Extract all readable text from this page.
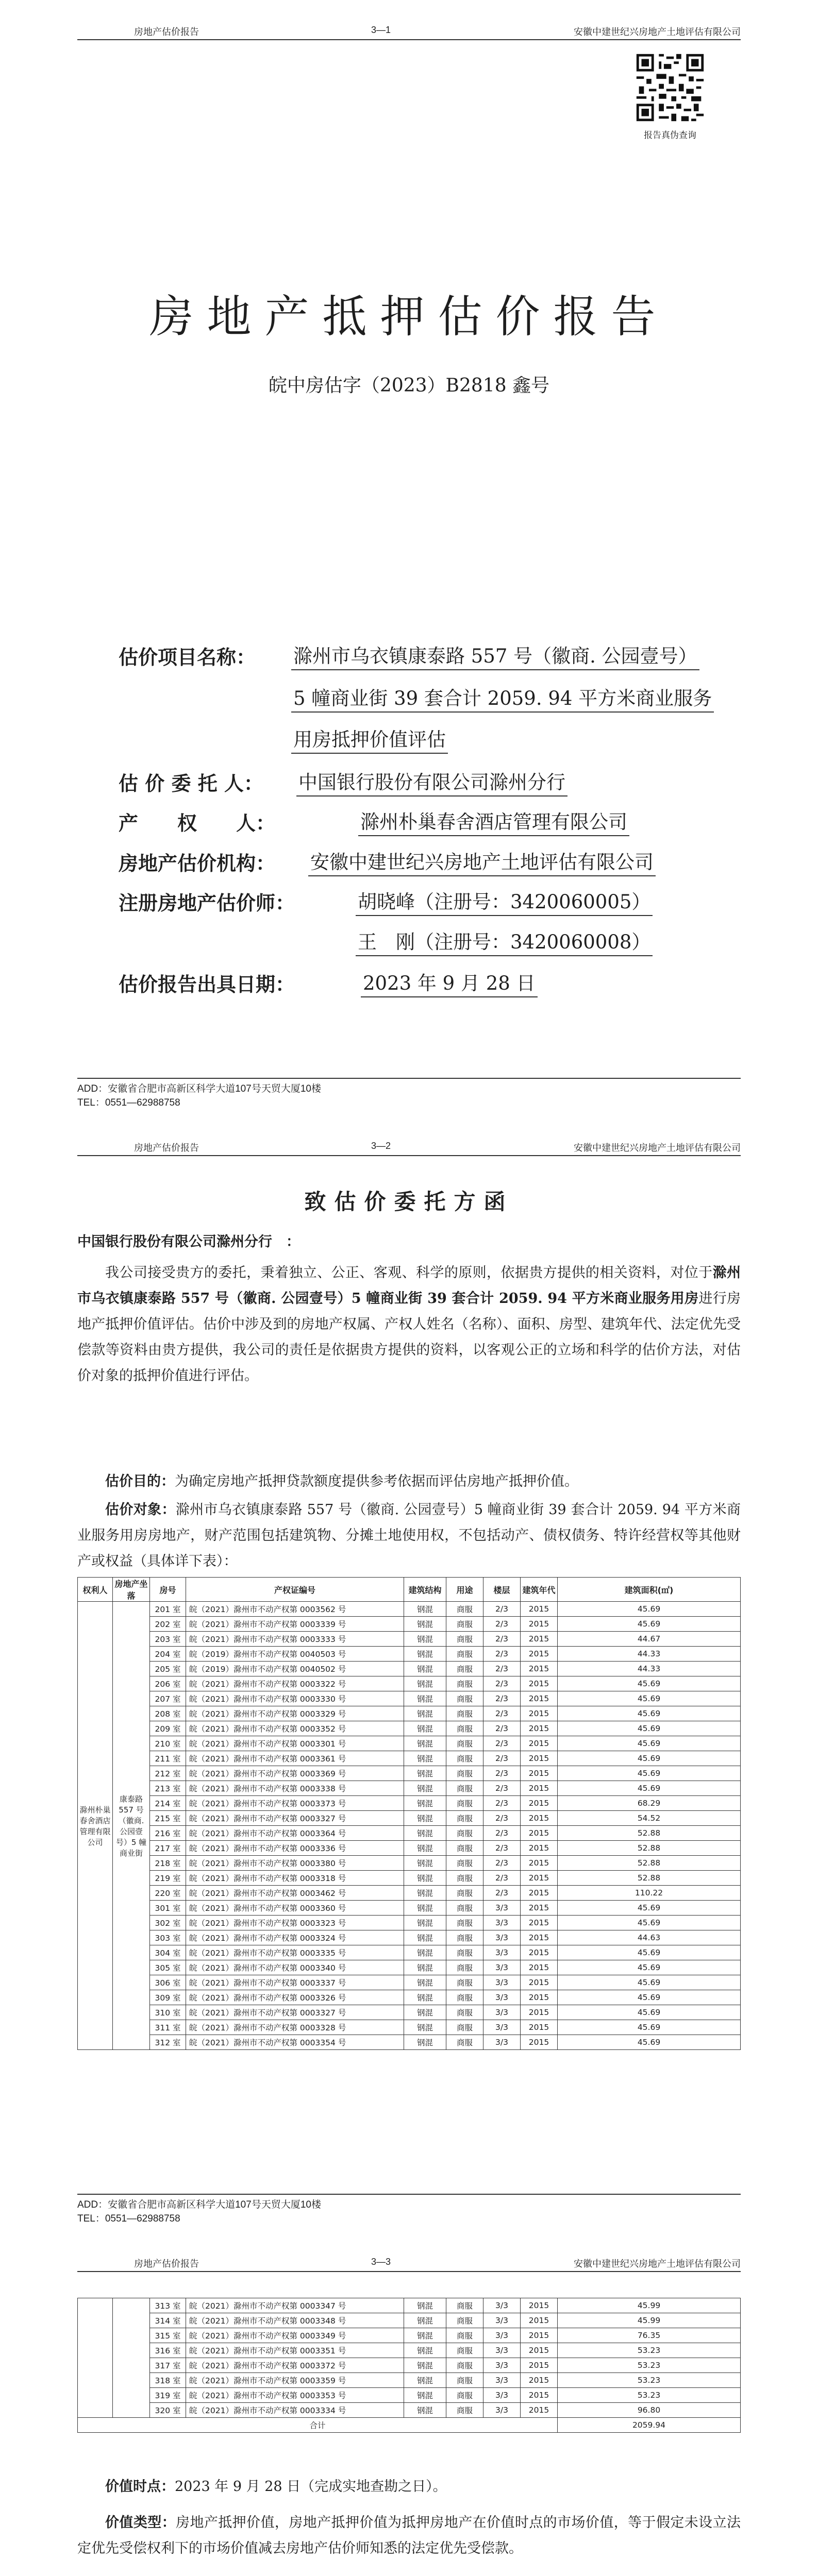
房地产估价报告	3—1	安徽中建世纪兴房地产土地评估有限公司
报告真伪查询
房地产抵押估价报告
皖中房估字（2023）B2818 鑫号
估价项目名称： 滁州市乌衣镇康泰路 557 号（徽商. 公园壹号）
5 幢商业街 39 套合计 2059. 94 平方米商业服务
用房抵押价值评估
估 价 委 托 人： 中国银行股份有限公司滁州分行
产　　权　　人：	滁州朴巢春舍酒店管理有限公司
房地产估价机构： 安徽中建世纪兴房地产土地评估有限公司
注册房地产估价师：	胡晓峰（注册号：3420060005）
王　刚（注册号：3420060008）
估价报告出具日期：	2023 年 9 月 28 日
ADD：安徽省合肥市高新区科学大道107号天贸大厦10楼
TEL：0551—62988758
房地产估价报告	3—2	安徽中建世纪兴房地产土地评估有限公司
致估价委托方函
中国银行股份有限公司滁州分行　：
我公司接受贵方的委托，秉着独立、公正、客观、科学的原则，依据贵方提供的相关资料，对位于滁州市乌衣镇康泰路 557 号（徽商. 公园壹号）5 幢商业街 39 套合计 2059. 94 平方米商业服务用房进行房地产抵押价值评估。估价中涉及到的房地产权属、产权人姓名（名称）、面积、房型、建筑年代、法定优先受偿款等资料由贵方提供，我公司的责任是依据贵方提供的资料，以客观公正的立场和科学的估价方法，对估价对象的抵押价值进行评估。
估价目的：为确定房地产抵押贷款额度提供参考依据而评估房地产抵押价值。
估价对象：滁州市乌衣镇康泰路 557 号（徽商. 公园壹号）5 幢商业街 39 套合计 2059. 94 平方米商业服务用房房地产，财产范围包括建筑物、分摊土地使用权，不包括动产、债权债务、特许经营权等其他财产或权益（具体详下表）：
权利人	房地产坐落	房号	产权证编号	建筑结构	用途	楼层	建筑年代	建筑面积(㎡)
滁州朴巢春舍酒店管理有限公司	康泰路 557 号（徽商. 公园壹号）5 幢商业街	201 室	皖（2021）滁州市不动产权第 0003562 号	钢混	商服	2/3	2015	45.69
		202 室	皖（2021）滁州市不动产权第 0003339 号	钢混	商服	2/3	2015	45.69
		203 室	皖（2021）滁州市不动产权第 0003333 号	钢混	商服	2/3	2015	44.67
		204 室	皖（2019）滁州市不动产权第 0040503 号	钢混	商服	2/3	2015	44.33
		205 室	皖（2019）滁州市不动产权第 0040502 号	钢混	商服	2/3	2015	44.33
		206 室	皖（2021）滁州市不动产权第 0003322 号	钢混	商服	2/3	2015	45.69
		207 室	皖（2021）滁州市不动产权第 0003330 号	钢混	商服	2/3	2015	45.69
		208 室	皖（2021）滁州市不动产权第 0003329 号	钢混	商服	2/3	2015	45.69
		209 室	皖（2021）滁州市不动产权第 0003352 号	钢混	商服	2/3	2015	45.69
		210 室	皖（2021）滁州市不动产权第 0003301 号	钢混	商服	2/3	2015	45.69
		211 室	皖（2021）滁州市不动产权第 0003361 号	钢混	商服	2/3	2015	45.69
		212 室	皖（2021）滁州市不动产权第 0003369 号	钢混	商服	2/3	2015	45.69
		213 室	皖（2021）滁州市不动产权第 0003338 号	钢混	商服	2/3	2015	45.69
		214 室	皖（2021）滁州市不动产权第 0003373 号	钢混	商服	2/3	2015	68.29
		215 室	皖（2021）滁州市不动产权第 0003327 号	钢混	商服	2/3	2015	54.52
		216 室	皖（2021）滁州市不动产权第 0003364 号	钢混	商服	2/3	2015	52.88
		217 室	皖（2021）滁州市不动产权第 0003336 号	钢混	商服	2/3	2015	52.88
		218 室	皖（2021）滁州市不动产权第 0003380 号	钢混	商服	2/3	2015	52.88
		219 室	皖（2021）滁州市不动产权第 0003318 号	钢混	商服	2/3	2015	52.88
		220 室	皖（2021）滁州市不动产权第 0003462 号	钢混	商服	2/3	2015	110.22
		301 室	皖（2021）滁州市不动产权第 0003360 号	钢混	商服	3/3	2015	45.69
		302 室	皖（2021）滁州市不动产权第 0003323 号	钢混	商服	3/3	2015	45.69
		303 室	皖（2021）滁州市不动产权第 0003324 号	钢混	商服	3/3	2015	44.63
		304 室	皖（2021）滁州市不动产权第 0003335 号	钢混	商服	3/3	2015	45.69
		305 室	皖（2021）滁州市不动产权第 0003340 号	钢混	商服	3/3	2015	45.69
		306 室	皖（2021）滁州市不动产权第 0003337 号	钢混	商服	3/3	2015	45.69
		309 室	皖（2021）滁州市不动产权第 0003326 号	钢混	商服	3/3	2015	45.69
		310 室	皖（2021）滁州市不动产权第 0003327 号	钢混	商服	3/3	2015	45.69
		311 室	皖（2021）滁州市不动产权第 0003328 号	钢混	商服	3/3	2015	45.69
		312 室	皖（2021）滁州市不动产权第 0003354 号	钢混	商服	3/3	2015	45.69
ADD：安徽省合肥市高新区科学大道107号天贸大厦10楼
TEL：0551—62988758
房地产估价报告	3—3	安徽中建世纪兴房地产土地评估有限公司
		313 室	皖（2021）滁州市不动产权第 0003347 号	钢混	商服	3/3	2015	45.99
		314 室	皖（2021）滁州市不动产权第 0003348 号	钢混	商服	3/3	2015	45.99
		315 室	皖（2021）滁州市不动产权第 0003349 号	钢混	商服	3/3	2015	76.35
		316 室	皖（2021）滁州市不动产权第 0003351 号	钢混	商服	3/3	2015	53.23
		317 室	皖（2021）滁州市不动产权第 0003372 号	钢混	商服	3/3	2015	53.23
		318 室	皖（2021）滁州市不动产权第 0003359 号	钢混	商服	3/3	2015	53.23
		319 室	皖（2021）滁州市不动产权第 0003353 号	钢混	商服	3/3	2015	53.23
		320 室	皖（2021）滁州市不动产权第 0003334 号	钢混	商服	3/3	2015	96.80
合计								2059.94
价值时点：2023 年 9 月 28 日（完成实地查勘之日）。
价值类型：房地产抵押价值，房地产抵押价值为抵押房地产在价值时点的市场价值，等于假定未设立法定优先受偿权利下的市场价值减去房地产估价师知悉的法定优先受偿款。
